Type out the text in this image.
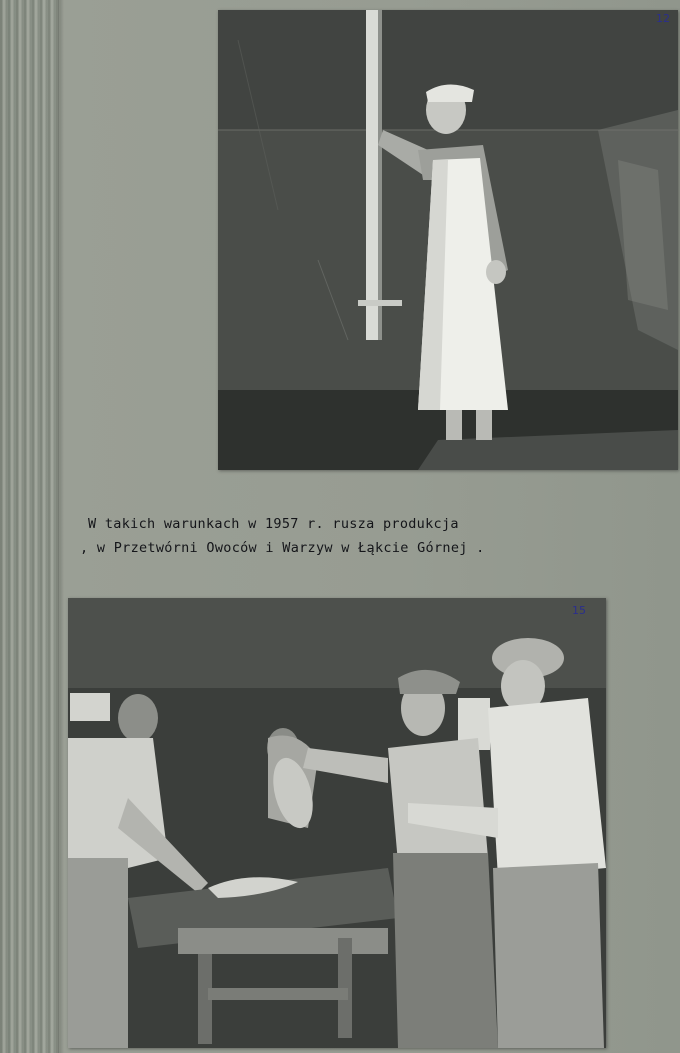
12
W takich warunkach w 1957 r. rusza produkcja
, w Przetwórni Owoców i Warzyw w Łąkcie Górnej .
15
